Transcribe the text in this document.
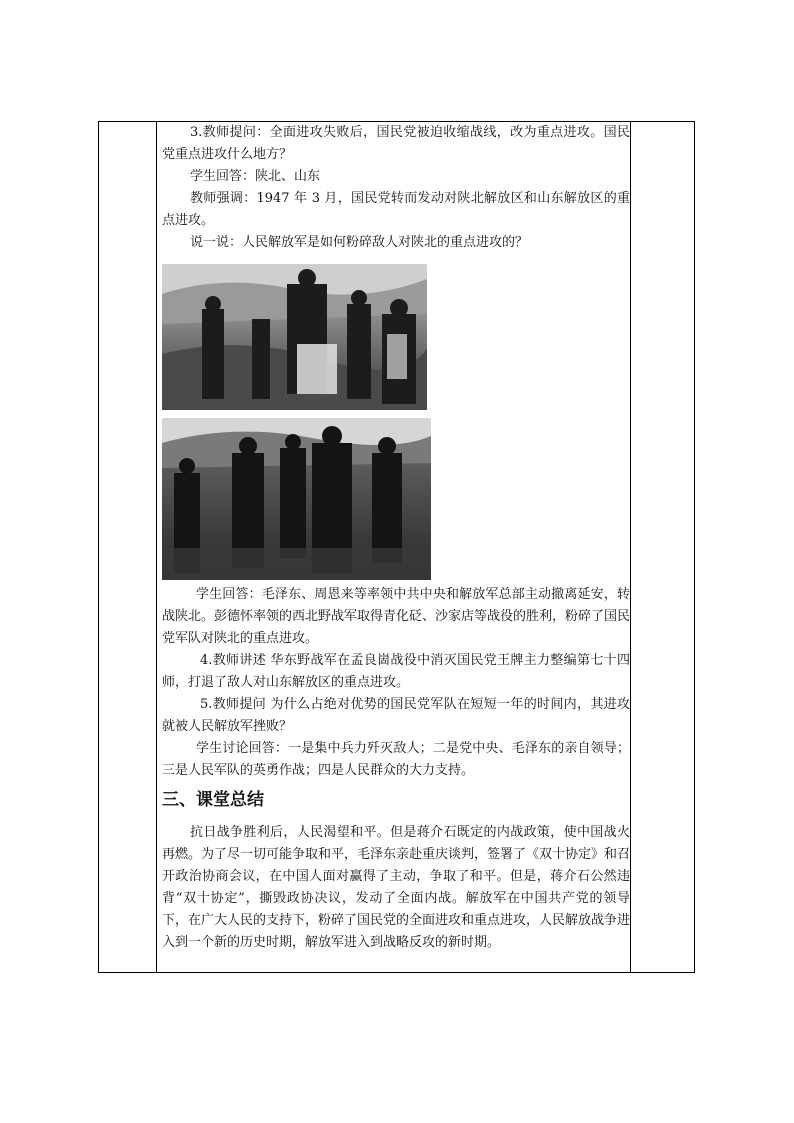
3.教师提问：全面进攻失败后，国民党被迫收缩战线，改为重点进攻。国民党重点进攻什么地方？

学生回答：陕北、山东

教师强调：1947 年 3 月，国民党转而发动对陕北解放区和山东解放区的重点进攻。

说一说：人民解放军是如何粉碎敌人对陕北的重点进攻的？

学生回答：毛泽东、周恩来等率领中共中央和解放军总部主动撤离延安，转战陕北。彭德怀率领的西北野战军取得青化砭、沙家店等战役的胜利，粉碎了国民党军队对陕北的重点进攻。

4.教师讲述 华东野战军在孟良崮战役中消灭国民党王牌主力整编第七十四师，打退了敌人对山东解放区的重点进攻。

5.教师提问 为什么占绝对优势的国民党军队在短短一年的时间内，其进攻就被人民解放军挫败？

学生讨论回答：一是集中兵力歼灭敌人；二是党中央、毛泽东的亲自领导；三是人民军队的英勇作战；四是人民群众的大力支持。

三、课堂总结

抗日战争胜利后，人民渴望和平。但是蒋介石既定的内战政策，使中国战火再燃。为了尽一切可能争取和平，毛泽东亲赴重庆谈判，签署了《双十协定》和召开政治协商会议，在中国人面对赢得了主动，争取了和平。但是，蒋介石公然违背“双十协定”，撕毁政协决议，发动了全面内战。解放军在中国共产党的领导下，在广大人民的支持下，粉碎了国民党的全面进攻和重点进攻，人民解放战争进入到一个新的历史时期，解放军进入到战略反攻的新时期。
